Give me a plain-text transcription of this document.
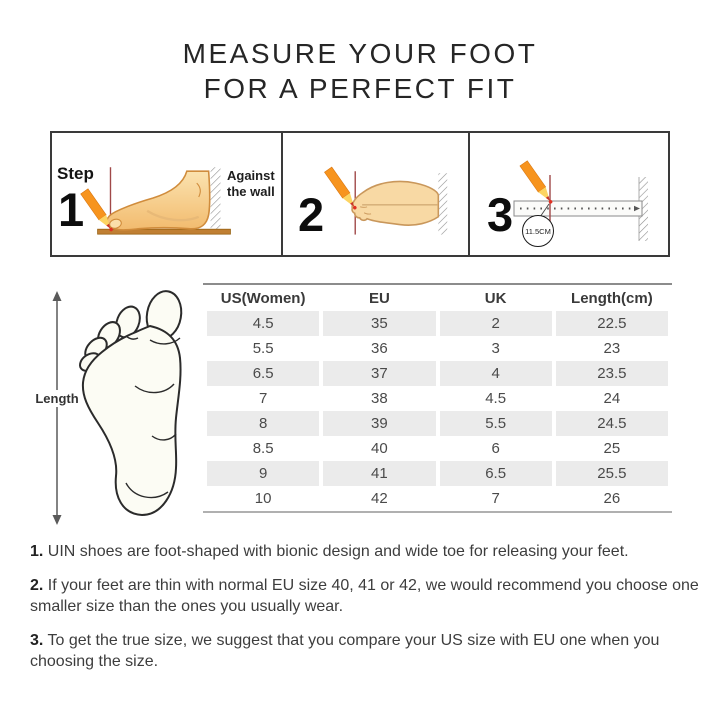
MEASURE YOUR FOOT
FOR A PERFECT FIT
Step
1
Against the wall 2	3	11.5CM
Length
US(Women)	EU	UK	Length(cm)
4.5	35	2	22.5
5.5	36	3	23
6.5	37	4	23.5
7	38	4.5	24
8	39	5.5	24.5
8.5	40	6	25
9	41	6.5	25.5
10	42	7	26

1. UIN shoes are foot-shaped with bionic design and wide toe for releasing your feet.

2. If your feet are thin with normal EU size 40, 41 or 42, we would recommend you choose one smaller size than the ones you usually wear.

3. To get the true size, we suggest that you compare your US size with EU one when you choosing the size.
